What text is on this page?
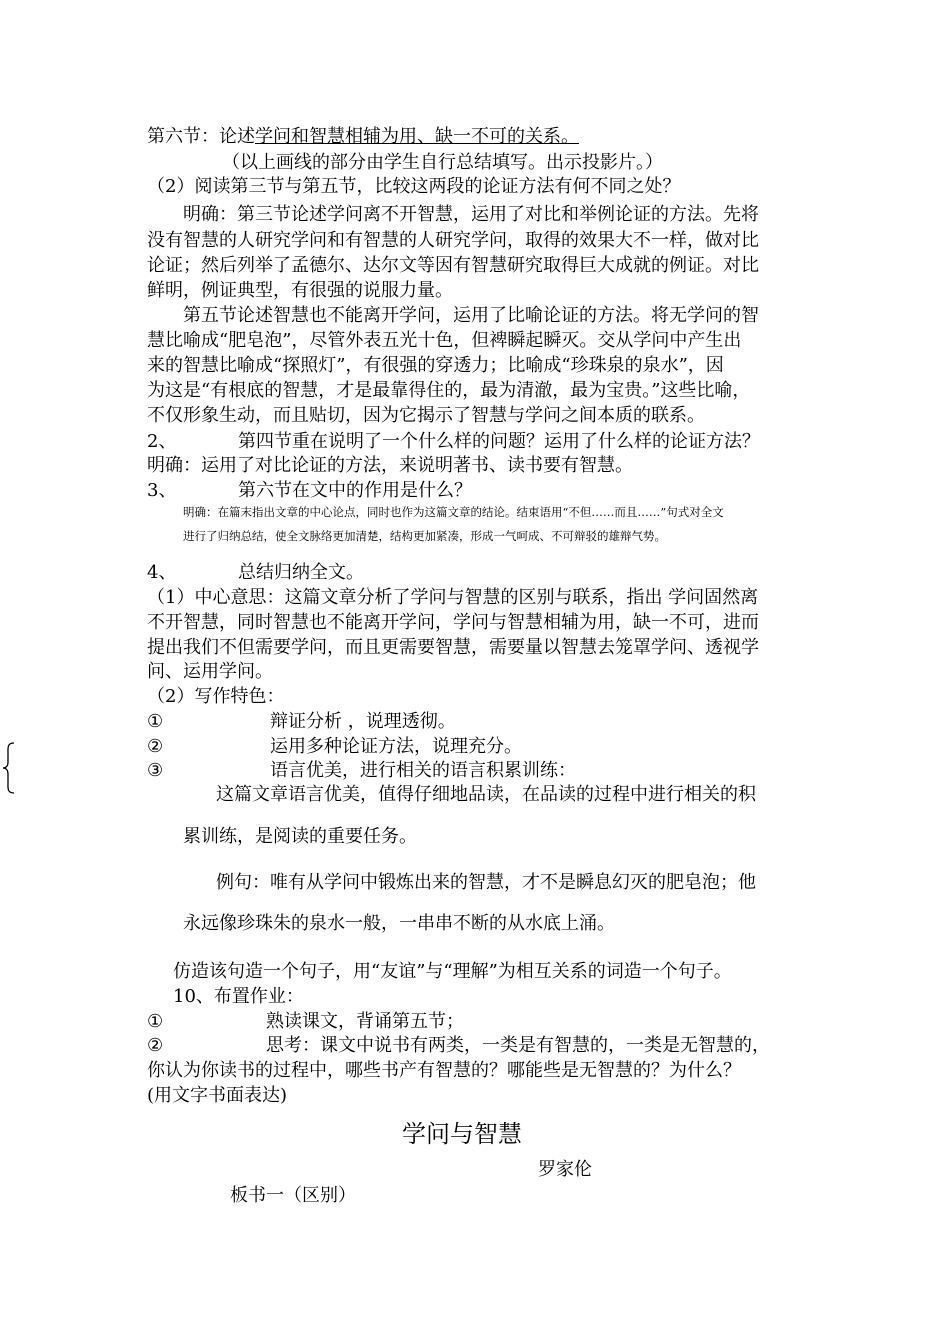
第六节：论述学问和智慧相辅为用、缺一不可的关系。
（以上画线的部分由学生自行总结填写。出示投影片。）
（2）阅读第三节与第五节，比较这两段的论证方法有何不同之处？
明确：第三节论述学问离不开智慧，运用了对比和举例论证的方法。先将
没有智慧的人研究学问和有智慧的人研究学问，取得的效果大不一样，做对比
论证；然后列举了孟德尔、达尔文等因有智慧研究取得巨大成就的例证。对比
鲜明，例证典型，有很强的说服力量。
第五节论述智慧也不能离开学问，运用了比喻论证的方法。将无学问的智
慧比喻成“肥皂泡”，尽管外表五光十色，但裨瞬起瞬灭。交从学问中产生出
来的智慧比喻成“探照灯”，有很强的穿透力；比喻成“珍珠泉的泉水”，因
为这是“有根底的智慧，才是最靠得住的，最为清澈，最为宝贵。”这些比喻，
不仅形象生动，而且贴切，因为它揭示了智慧与学问之间本质的联系。
2、	第四节重在说明了一个什么样的问题？运用了什么样的论证方法？
明确：运用了对比论证的方法，来说明著书、读书要有智慧。
3、	第六节在文中的作用是什么？
明确：在篇末指出文章的中心论点，同时也作为这篇文章的结论。结束语用“不但……而且……”句式对全文
进行了归纳总结，使全文脉络更加清楚，结构更加紧凑，形成一气呵成、不可辩驳的雄辩气势。
4、	总结归纳全文。
（1）中心意思：这篇文章分析了学问与智慧的区别与联系，指出 学问固然离
不开智慧，同时智慧也不能离开学问，学问与智慧相辅为用，缺一不可，进而
提出我们不但需要学问，而且更需要智慧，需要量以智慧去笼罩学问、透视学
问、运用学问。
（2）写作特色：
①	辩证分析 ，说理透彻。
②	运用多种论证方法，说理充分。
③	语言优美，进行相关的语言积累训练：
这篇文章语言优美，值得仔细地品读，在品读的过程中进行相关的积
累训练，是阅读的重要任务。
例句：唯有从学问中锻炼出来的智慧，才不是瞬息幻灭的肥皂泡；他
永远像珍珠朱的泉水一般，一串串不断的从水底上涌。
仿造该句造一个句子，用“友谊”与“理解”为相互关系的词造一个句子。
10、布置作业：
①	熟读课文，背诵第五节；
②	思考：课文中说书有两类，一类是有智慧的，一类是无智慧的，
你认为你读书的过程中，哪些书产有智慧的？哪能些是无智慧的？为什么？
(用文字书面表达)
学问与智慧
罗家伦
板书一（区别）
